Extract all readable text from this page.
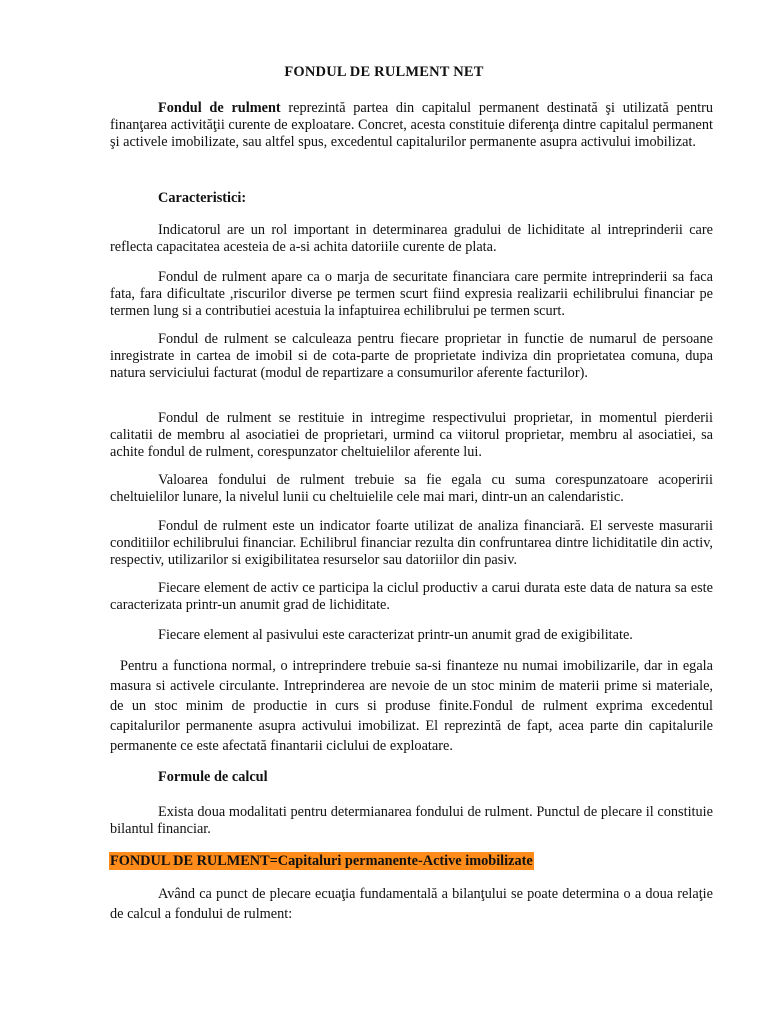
FONDUL DE RULMENT NET

Fondul de rulment reprezintă partea din capitalul permanent destinată şi utilizată pentru finanţarea activităţii curente de exploatare. Concret, acesta constituie diferenţa dintre capitalul permanent şi activele imobilizate, sau altfel spus, excedentul capitalurilor permanente asupra activului imobilizat.

Caracteristici:

Indicatorul are un rol important in determinarea gradului de lichiditate al intreprinderii care reflecta capacitatea acesteia de a-si achita datoriile curente de plata.

Fondul de rulment apare ca o marja de securitate financiara care permite intreprinderii sa faca fata, fara dificultate ,riscurilor diverse pe termen scurt fiind expresia realizarii echilibrului financiar pe termen lung si a contributiei acestuia la infaptuirea echilibrului pe termen scurt.

Fondul de rulment se calculeaza pentru fiecare proprietar in functie de numarul de persoane inregistrate in cartea de imobil si de cota-parte de proprietate indiviza din proprietatea comuna, dupa natura serviciului facturat (modul de repartizare a consumurilor aferente facturilor).

Fondul de rulment se restituie in intregime respectivului proprietar, in momentul pierderii calitatii de membru al asociatiei de proprietari, urmind ca viitorul proprietar, membru al asociatiei, sa achite fondul de rulment, corespunzator cheltuielilor aferente lui.

Valoarea fondului de rulment trebuie sa fie egala cu suma corespunzatoare acoperirii cheltuielilor lunare, la nivelul lunii cu cheltuielile cele mai mari, dintr-un an calendaristic.

Fondul de rulment este un indicator foarte utilizat de analiza financiară. El serveste masurarii conditiilor echilibrului financiar. Echilibrul financiar rezulta din confruntarea dintre lichiditatile din activ, respectiv, utilizarilor si exigibilitatea resurselor sau datoriilor din pasiv.

Fiecare element de activ ce participa la ciclul productiv a carui durata este data de natura sa este caracterizata printr-un anumit grad de lichiditate.

Fiecare element al pasivului este caracterizat printr-un anumit grad de exigibilitate.

Pentru a functiona normal, o intreprindere trebuie sa-si finanteze nu numai imobilizarile, dar in egala masura si activele circulante. Intreprinderea are nevoie de un stoc minim de materii prime si materiale, de un stoc minim de productie in curs si produse finite.Fondul de rulment exprima excedentul capitalurilor permanente asupra activului imobilizat. El reprezintă de fapt, acea parte din capitalurile permanente ce este afectată finantarii ciclului de exploatare.

Formule de calcul

Exista doua modalitati pentru determianarea fondului de rulment. Punctul de plecare il constituie bilantul financiar.

FONDUL DE RULMENT=Capitaluri permanente-Active imobilizate

Având ca punct de plecare ecuaţia fundamentală a bilanţului se poate determina o a doua relaţie de calcul a fondului de rulment:
